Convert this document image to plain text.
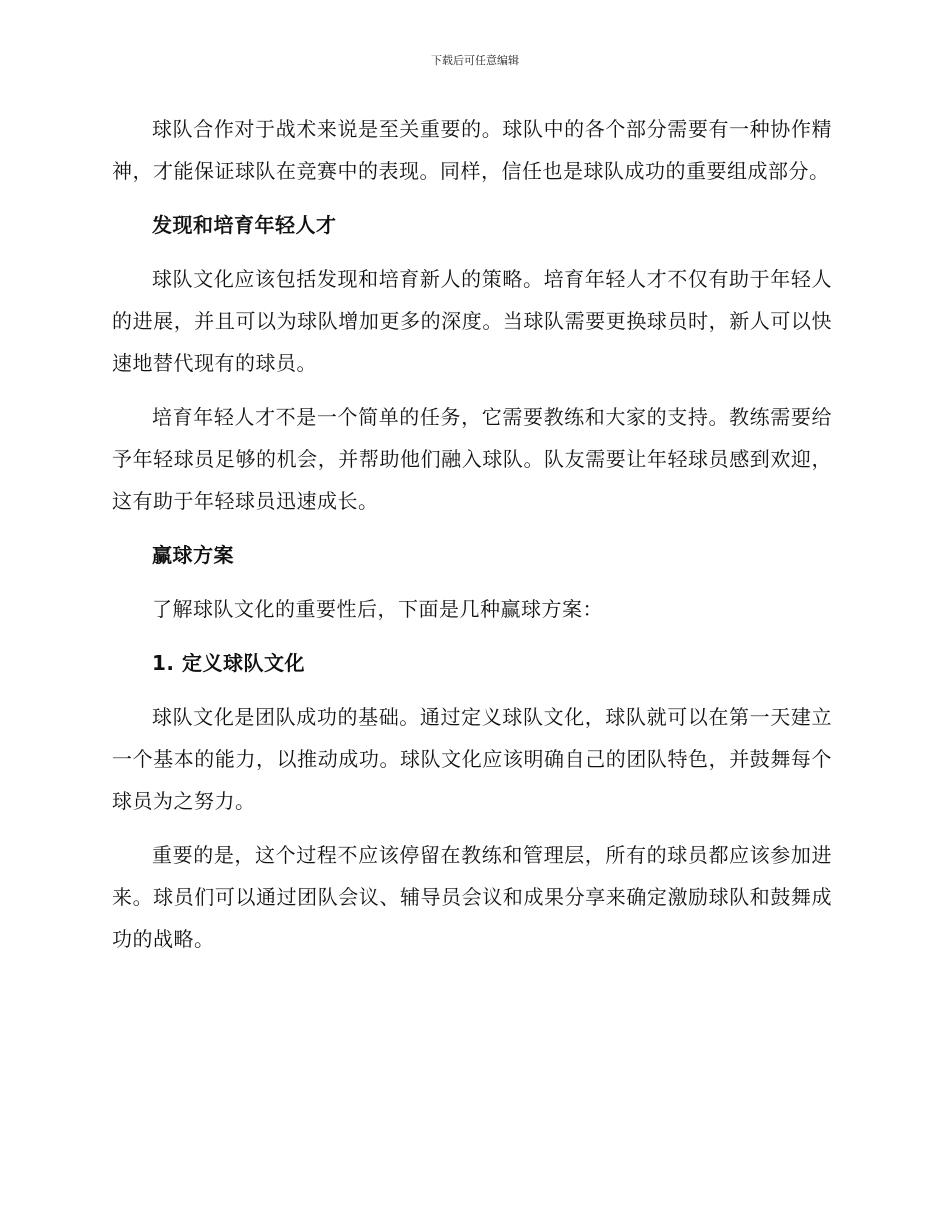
下载后可任意编辑

球队合作对于战术来说是至关重要的。球队中的各个部分需要有一种协作精神，才能保证球队在竞赛中的表现。同样，信任也是球队成功的重要组成部分。

发现和培育年轻人才

球队文化应该包括发现和培育新人的策略。培育年轻人才不仅有助于年轻人的进展，并且可以为球队增加更多的深度。当球队需要更换球员时，新人可以快速地替代现有的球员。

培育年轻人才不是一个简单的任务，它需要教练和大家的支持。教练需要给予年轻球员足够的机会，并帮助他们融入球队。队友需要让年轻球员感到欢迎，这有助于年轻球员迅速成长。

赢球方案

了解球队文化的重要性后，下面是几种赢球方案：

1. 定义球队文化

球队文化是团队成功的基础。通过定义球队文化，球队就可以在第一天建立一个基本的能力，以推动成功。球队文化应该明确自己的团队特色，并鼓舞每个球员为之努力。

重要的是，这个过程不应该停留在教练和管理层，所有的球员都应该参加进来。球员们可以通过团队会议、辅导员会议和成果分享来确定激励球队和鼓舞成功的战略。
